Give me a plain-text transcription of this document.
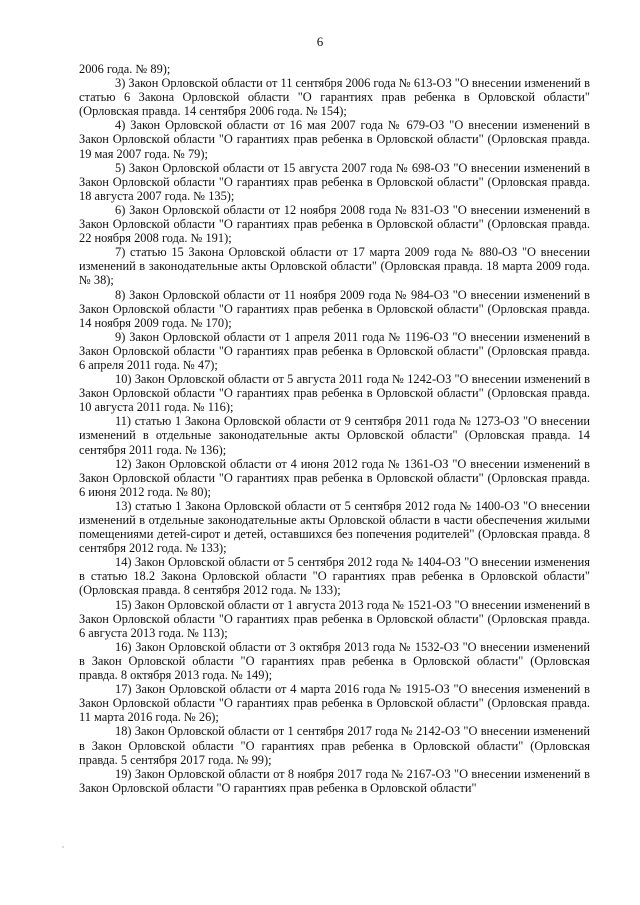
6

2006 года. № 89);

3) Закон Орловской области от 11 сентября 2006 года № 613-ОЗ "О внесении изменений в статью 6 Закона Орловской области "О гарантиях прав ребенка в Орловской области" (Орловская правда. 14 сентября 2006 года. № 154);

4) Закон Орловской области от 16 мая 2007 года № 679-ОЗ "О внесении изменений в Закон Орловской области "О гарантиях прав ребенка в Орловской области" (Орловская правда. 19 мая 2007 года. № 79);

5) Закон Орловской области от 15 августа 2007 года № 698-ОЗ "О внесении изменений в Закон Орловской области "О гарантиях прав ребенка в Орловской области" (Орловская правда. 18 августа 2007 года. № 135);

6) Закон Орловской области от 12 ноября 2008 года № 831-ОЗ "О внесении изменений в Закон Орловской области "О гарантиях прав ребенка в Орловской области" (Орловская правда. 22 ноября 2008 года. № 191);

7) статью 15 Закона Орловской области от 17 марта 2009 года № 880-ОЗ "О внесении изменений в законодательные акты Орловской области" (Орловская правда. 18 марта 2009 года. № 38);

8) Закон Орловской области от 11 ноября 2009 года № 984-ОЗ "О внесении изменений в Закон Орловской области "О гарантиях прав ребенка в Орловской области" (Орловская правда. 14 ноября 2009 года. № 170);

9) Закон Орловской области от 1 апреля 2011 года № 1196-ОЗ "О внесении изменений в Закон Орловской области "О гарантиях прав ребенка в Орловской области" (Орловская правда. 6 апреля 2011 года. № 47);

10) Закон Орловской области от 5 августа 2011 года № 1242-ОЗ "О внесении изменений в Закон Орловской области "О гарантиях прав ребенка в Орловской области" (Орловская правда. 10 августа 2011 года. № 116);

11) статью 1 Закона Орловской области от 9 сентября 2011 года № 1273-ОЗ "О внесении изменений в отдельные законодательные акты Орловской области" (Орловская правда. 14 сентября 2011 года. № 136);

12) Закон Орловской области от 4 июня 2012 года № 1361-ОЗ "О внесении изменений в Закон Орловской области "О гарантиях прав ребенка в Орловской области" (Орловская правда. 6 июня 2012 года. № 80);

13) статью 1 Закона Орловской области от 5 сентября 2012 года № 1400-ОЗ "О внесении изменений в отдельные законодательные акты Орловской области в части обеспечения жилыми помещениями детей-сирот и детей, оставшихся без попечения родителей" (Орловская правда. 8 сентября 2012 года. № 133);

14) Закон Орловской области от 5 сентября 2012 года № 1404-ОЗ "О внесении изменения в статью 18.2 Закона Орловской области "О гарантиях прав ребенка в Орловской области" (Орловская правда. 8 сентября 2012 года. № 133);

15) Закон Орловской области от 1 августа 2013 года № 1521-ОЗ "О внесении изменений в Закон Орловской области "О гарантиях прав ребенка в Орловской области" (Орловская правда. 6 августа 2013 года. № 113);

16) Закон Орловской области от 3 октября 2013 года № 1532-ОЗ "О внесении изменений в Закон Орловской области "О гарантиях прав ребенка в Орловской области" (Орловская правда. 8 октября 2013 года. № 149);

17) Закон Орловской области от 4 марта 2016 года № 1915-ОЗ "О внесения изменений в Закон Орловской области "О гарантиях прав ребенка в Орловской области" (Орловская правда. 11 марта 2016 года. № 26);

18) Закон Орловской области от 1 сентября 2017 года № 2142-ОЗ "О внесении изменений в Закон Орловской области "О гарантиях прав ребенка в Орловской области" (Орловская правда. 5 сентября 2017 года. № 99);

19) Закон Орловской области от 8 ноября 2017 года № 2167-ОЗ "О внесении изменений в Закон Орловской области "О гарантиях прав ребенка в Орловской области"
